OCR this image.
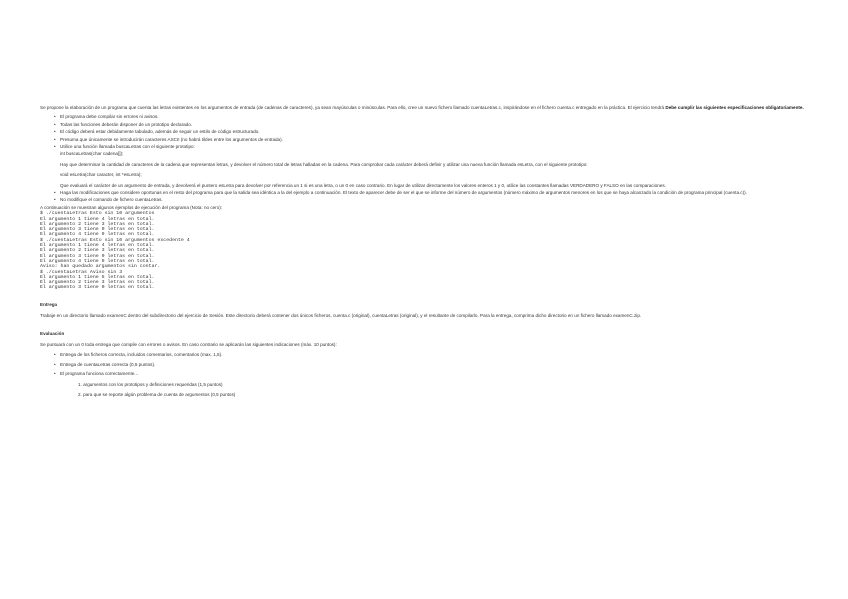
Se propone la elaboración de un programa que cuenta las letras existentes en los argumentos de entrada (de cadenas de caracteres), ya sean mayúsculas o minúsculas. Para ello, cree un nuevo fichero llamado cuentaLetras.c, inspirándose en el fichero cuenta.c entregado en la práctica. El ejercicio tendrá Debe cumplir las siguientes especificaciones obligatoriamente.

• El programa debe compilar sin errores ni avisos.
• Todas las funciones deberán disponer de un prototipo declarado.
• El código deberá estar debidamente tabulado, además de seguir un estilo de código estructurado.
• Presuma que únicamente se introducirán caracteres ASCII (no habrá tildes entre los argumentos de entrada).
• Utilice una función llamada buscaLetras con el siguiente prototipo:
int buscaLetras(char cadena[]);
Hay que determinar la cantidad de caracteres de la cadena que representan letras, y devolver el número total de letras halladas en la cadena. Para comprobar cada carácter deberá definir y utilizar una nueva función llamada esLetra, con el siguiente prototipo:
void esLetra(char caracter, int *esLetra);
Que evaluará el carácter de un argumento de entrada, y devolverá el puntero esLetra para devolver por referencia un 1 si es una letra, o un 0 en caso contrario. En lugar de utilizar directamente los valores enteros 1 y 0, utilice las constantes llamadas VERDADERO y FALSO en las comparaciones.
• Haga las modificaciones que considere oportunas en el resto del programa para que la salida sea idéntica a la del ejemplo a continuación. El texto de aparecer debe de ser el que se informe del número de argumentos (número máximo de argumentos menores en los que se haya alcanzado la condición de programa principal (cuenta.c)).
• No modifique el comando de fichero cuentaLetras.

A continuación se muestran algunos ejemplos de ejecución del programa (Nota: no cero):

$ ./cuentaLetras Esto sin 10 argumentos
El argumento 1 tiene 4 letras en total.
El argumento 2 tiene 3 letras en total.
El argumento 3 tiene 0 letras en total.
El argumento 4 tiene 9 letras en total.
$ ./cuentaLetras Esto sin 10 argumentos excedente 4
El argumento 1 tiene 4 letras en total.
El argumento 2 tiene 3 letras en total.
El argumento 3 tiene 0 letras en total.
El argumento 4 tiene 9 letras en total.
Aviso: han quedado argumentos sin contar.
$ ./cuentaLetras Aviso sin 3
El argumento 1 tiene 5 letras en total.
El argumento 2 tiene 3 letras en total.
El argumento 3 tiene 0 letras en total.
Entrega

Trabaje en un directorio llamado examenC dentro del subdirectorio del ejercicio de Sesión. Este directorio deberá contener dos únicos ficheros, cuenta.c (original), cuentaLetras (original), y el resultante de compilarlo. Para la entrega, comprima dicho directorio en un fichero llamado examenC.zip.

Evaluación

Se puntuará con un 0 toda entrega que compile con errores o avisos. En caso contrario se aplicarán las siguientes indicaciones (máx. 10 puntos):

• Entrega de los ficheros correcta, incluidos comentarios, comentarios (max. 1,5).
• Entrega de cuentaLetras correcta (0,5 puntos).
• El programa funciona correctamente...
1. argumentos con los prototipos y definiciones requeridas (1,5 puntos)
2. para que se reporte algún problema de cuenta de argumentos (0,5 puntos)
